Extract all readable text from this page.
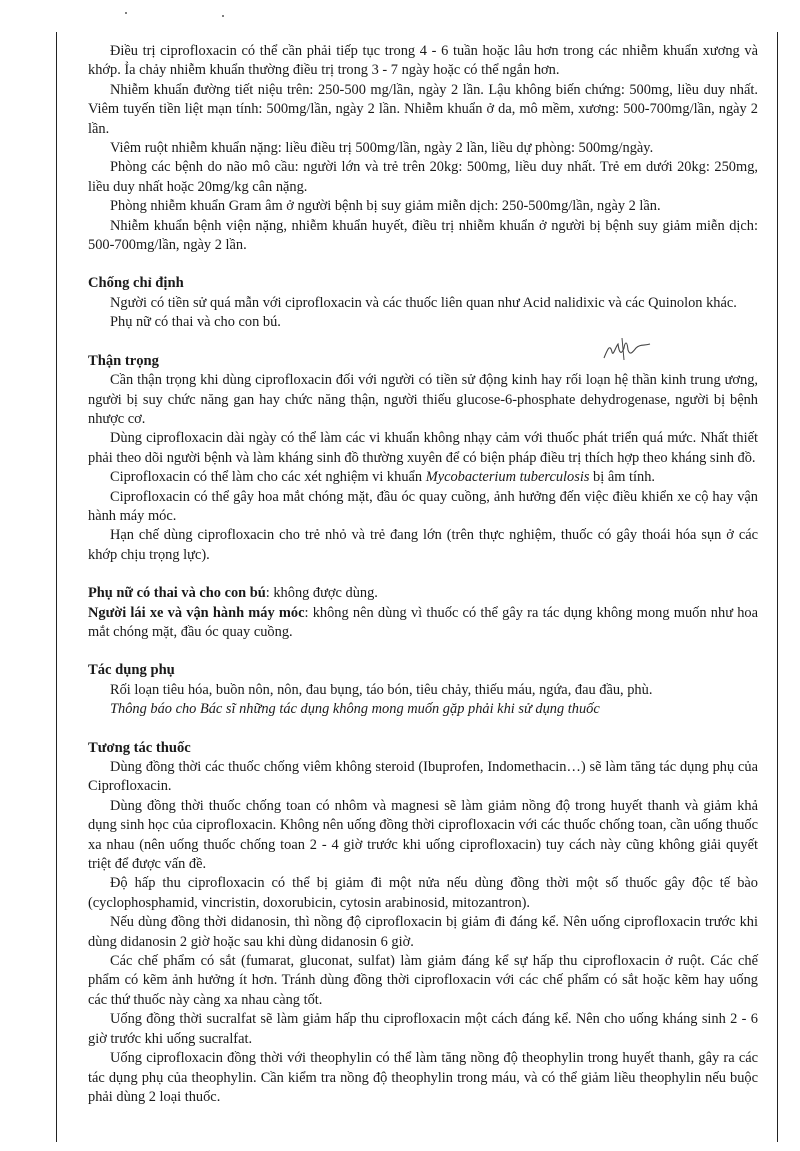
Điều trị ciprofloxacin có thể cần phải tiếp tục trong 4 - 6 tuần hoặc lâu hơn trong các nhiễm khuẩn xương và khớp. Ỉa chảy nhiễm khuẩn thường điều trị trong 3 - 7 ngày hoặc có thể ngắn hơn.

Nhiễm khuẩn đường tiết niệu trên: 250-500 mg/lần, ngày 2 lần. Lậu không biến chứng: 500mg, liều duy nhất. Viêm tuyến tiền liệt mạn tính: 500mg/lần, ngày 2 lần. Nhiễm khuẩn ở da, mô mềm, xương: 500-700mg/lần, ngày 2 lần.

Viêm ruột nhiễm khuẩn nặng: liều điều trị 500mg/lần, ngày 2 lần, liều dự phòng: 500mg/ngày.

Phòng các bệnh do não mô cầu: người lớn và trẻ trên 20kg: 500mg, liều duy nhất. Trẻ em dưới 20kg: 250mg, liều duy nhất hoặc 20mg/kg cân nặng.

Phòng nhiễm khuẩn Gram âm ở người bệnh bị suy giảm miễn dịch: 250-500mg/lần, ngày 2 lần.

Nhiễm khuẩn bệnh viện nặng, nhiễm khuẩn huyết, điều trị nhiễm khuẩn ở người bị bệnh suy giảm miễn dịch: 500-700mg/lần, ngày 2 lần.

Chống chỉ định

Người có tiền sử quá mẫn với ciprofloxacin và các thuốc liên quan như Acid nalidixic và các Quinolon khác.

Phụ nữ có thai và cho con bú.

Thận trọng

Cần thận trọng khi dùng ciprofloxacin đối với người có tiền sử động kinh hay rối loạn hệ thần kinh trung ương, người bị suy chức năng gan hay chức năng thận, người thiếu glucose-6-phosphate dehydrogenase, người bị bệnh nhược cơ.

Dùng ciprofloxacin dài ngày có thể làm các vi khuẩn không nhạy cảm với thuốc phát triển quá mức. Nhất thiết phải theo dõi người bệnh và làm kháng sinh đồ thường xuyên để có biện pháp điều trị thích hợp theo kháng sinh đồ.

Ciprofloxacin có thể làm cho các xét nghiệm vi khuẩn Mycobacterium tuberculosis bị âm tính.

Ciprofloxacin có thể gây hoa mắt chóng mặt, đầu óc quay cuồng, ảnh hưởng đến việc điều khiển xe cộ hay vận hành máy móc.

Hạn chế dùng ciprofloxacin cho trẻ nhỏ và trẻ đang lớn (trên thực nghiệm, thuốc có gây thoái hóa sụn ở các khớp chịu trọng lực).

Phụ nữ có thai và cho con bú: không được dùng.

Người lái xe và vận hành máy móc: không nên dùng vì thuốc có thể gây ra tác dụng không mong muốn như hoa mắt chóng mặt, đầu óc quay cuồng.

Tác dụng phụ

Rối loạn tiêu hóa, buồn nôn, nôn, đau bụng, táo bón, tiêu chảy, thiếu máu, ngứa, đau đầu, phù.

Thông báo cho Bác sĩ những tác dụng không mong muốn gặp phải khi sử dụng thuốc

Tương tác thuốc

Dùng đồng thời các thuốc chống viêm không steroid (Ibuprofen, Indomethacin…) sẽ làm tăng tác dụng phụ của Ciprofloxacin.

Dùng đồng thời thuốc chống toan có nhôm và magnesi sẽ làm giảm nồng độ trong huyết thanh và giảm khả dụng sinh học của ciprofloxacin. Không nên uống đồng thời ciprofloxacin với các thuốc chống toan, cần uống thuốc xa nhau (nên uống thuốc chống toan 2 - 4 giờ trước khi uống ciprofloxacin) tuy cách này cũng không giải quyết triệt để được vấn đề.

Độ hấp thu ciprofloxacin có thể bị giảm đi một nửa nếu dùng đồng thời một số thuốc gây độc tế bào (cyclophosphamid, vincristin, doxorubicin, cytosin arabinosid, mitozantron).

Nếu dùng đồng thời didanosin, thì nồng độ ciprofloxacin bị giảm đi đáng kể. Nên uống ciprofloxacin trước khi dùng didanosin 2 giờ hoặc sau khi dùng didanosin 6 giờ.

Các chế phẩm có sắt (fumarat, gluconat, sulfat) làm giảm đáng kể sự hấp thu ciprofloxacin ở ruột. Các chế phẩm có kẽm ảnh hưởng ít hơn. Tránh dùng đồng thời ciprofloxacin với các chế phẩm có sắt hoặc kẽm hay uống các thứ thuốc này càng xa nhau càng tốt.

Uống đồng thời sucralfat sẽ làm giảm hấp thu ciprofloxacin một cách đáng kể. Nên cho uống kháng sinh 2 - 6 giờ trước khi uống sucralfat.

Uống ciprofloxacin đồng thời với theophylin có thể làm tăng nồng độ theophylin trong huyết thanh, gây ra các tác dụng phụ của theophylin. Cần kiểm tra nồng độ theophylin trong máu, và có thể giảm liều theophylin nếu buộc phải dùng 2 loại thuốc.
